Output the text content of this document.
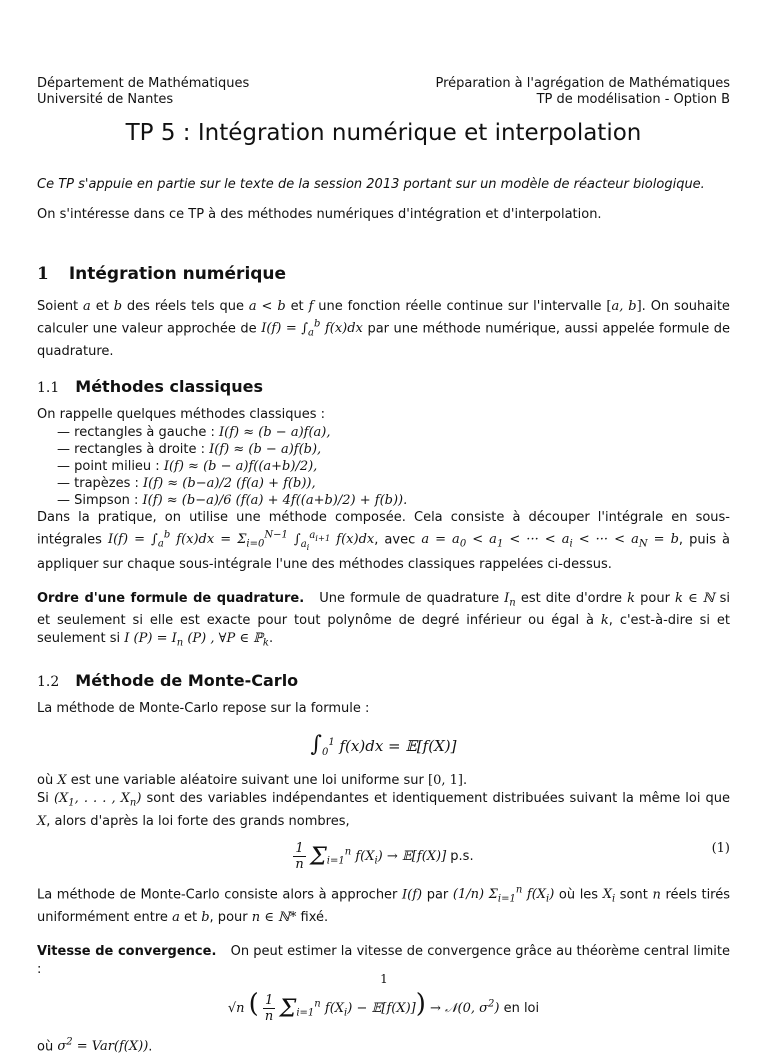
Département de Mathématiques
Université de Nantes
Préparation à l'agrégation de Mathématiques
TP de modélisation - Option B
TP 5 : Intégration numérique et interpolation

Ce TP s'appuie en partie sur le texte de la session 2013 portant sur un modèle de réacteur biologique.

On s'intéresse dans ce TP à des méthodes numériques d'intégration et d'interpolation.

1 Intégration numérique

Soient a et b des réels tels que a < b et f une fonction réelle continue sur l'intervalle [a, b]. On souhaite calculer une valeur approchée de $I(f) = \int_a^b$ f(x)dx par une méthode numérique, aussi appelée formule de quadrature.

1.1 Méthodes classiques

On rappelle quelques méthodes classiques :

— rectangles à gauche : I(f) ≈ (b − a)f(a),
— rectangles à droite : I(f) ≈ (b − a)f(b),
— point milieu : I(f) ≈ (b − a)f((a+b)/2),
— trapèzes : I(f) ≈ (b−a)/2 (f(a) + f(b)),
— Simpson : I(f) ≈ (b−a)/6 (f(a) + 4f((a+b)/2) + f(b)).

Dans la pratique, on utilise une méthode composée. Cela consiste à découper l'intégrale en sous-intégrales $I(f) = \int_a^b$ $f(x)dx = \Sigma_{i=0}^{N-1}$ $\int_{a_i}^{a_{i+1}}$ f(x)dx, avec $a = a_0 < a_1$ < ··· < $a_i$ < ··· < $a_N = b$, puis à appliquer sur chaque sous-intégrale l'une des méthodes classiques rappelées ci-dessus.

Ordre d'une formule de quadrature. Une formule de quadrature $I_n$ est dite d'ordre k pour k ∈ ℕ si et seulement si elle est exacte pour tout polynôme de degré inférieur ou égal à k, c'est-à-dire si et seulement si I $(P) = I_n$ (P) , ∀P ∈ ℙ$_k$.

1.2 Méthode de Monte-Carlo

La méthode de Monte-Carlo repose sur la formule :

$\int_0^1$ f(x)dx = 𝔼[f(X)]

où X est une variable aléatoire suivant une loi uniforme sur [0, 1].
Si ($X_1$, . . . , $X_n$) sont des variables indépendantes et identiquement distribuées suivant la même loi que X, alors d'après la loi forte des grands nombres,

$\frac{1}{n} \Sigma_{i=1}^n$ $f(X_i)$ → 𝔼[f(X)] p.s.
(1)

La méthode de Monte-Carlo consiste alors à approcher I(f) par (1/n) $\Sigma_{i=1}^n$ $f(X_i)$ où les $X_i$ sont n réels tirés uniformément entre a et b, pour n ∈ ℕ* fixé.

Vitesse de convergence. On peut estimer la vitesse de convergence grâce au théorème central limite :

√n ( $\frac{1}{n} \Sigma_{i=1}^n$ $f(X_i)$ − 𝔼[f(X)]) → 𝒩(0, $\sigma^2$) en loi

où $\sigma^2 = Var(f(X))$.

1
